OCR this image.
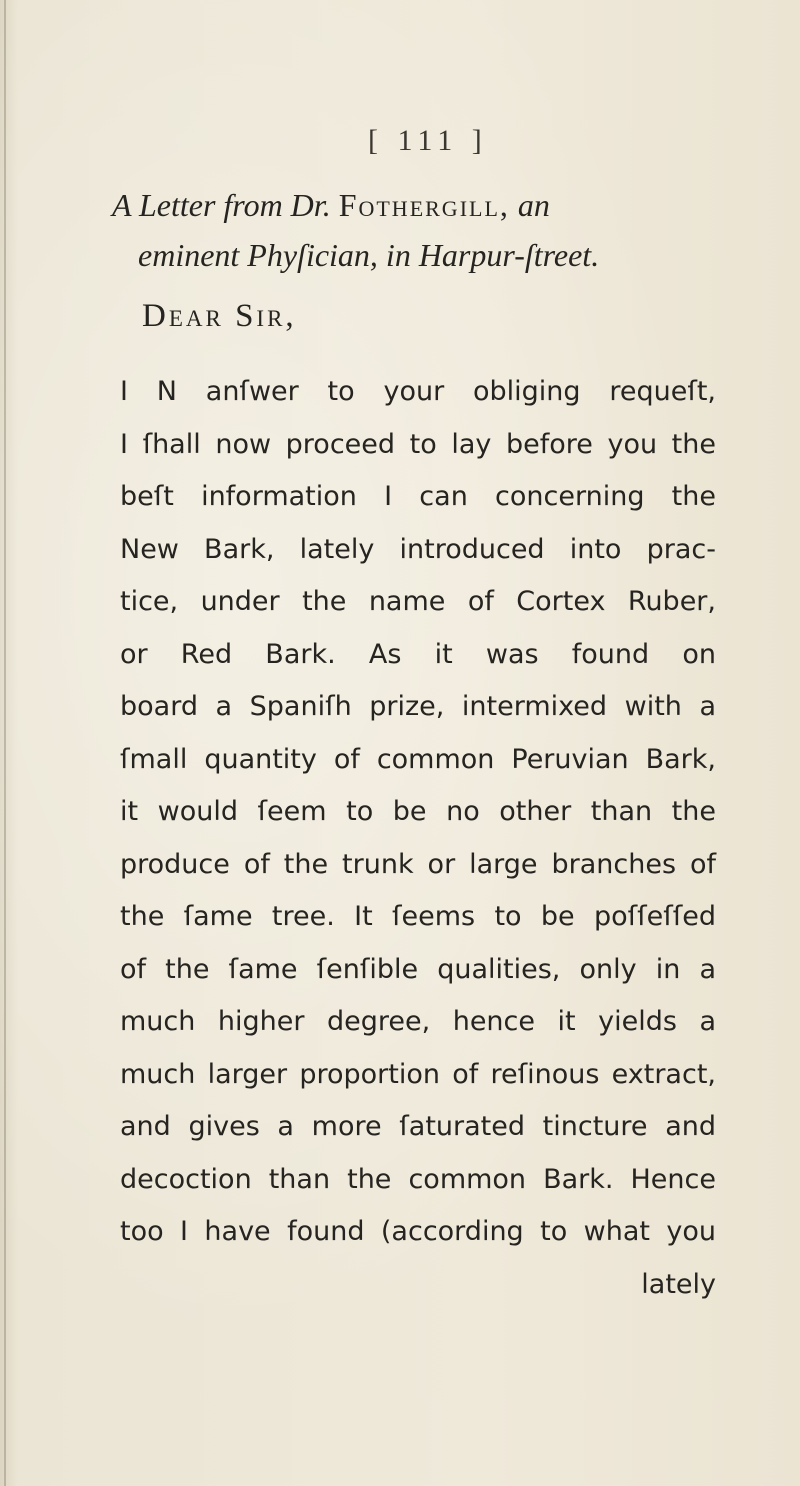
[ 111 ]
A Letter from Dr. Fothergill, an
eminent Phyſician, in Harpur-ſtreet.
Dear Sir,
I N anſwer to your obliging requeſt,
I ſhall now proceed to lay before you the
beſt information I can concerning the
New Bark, lately introduced into prac-
tice, under the name of Cortex Ruber,
or Red Bark. As it was found on
board a Spaniſh prize, intermixed with a
ſmall quantity of common Peruvian Bark,
it would ſeem to be no other than the
produce of the trunk or large branches of
the ſame tree. It ſeems to be poſſeſſed
of the ſame ſenſible qualities, only in a
much higher degree, hence it yields a
much larger proportion of reſinous extract,
and gives a more ſaturated tincture and
decoction than the common Bark. Hence
too I have found (according to what you
lately
